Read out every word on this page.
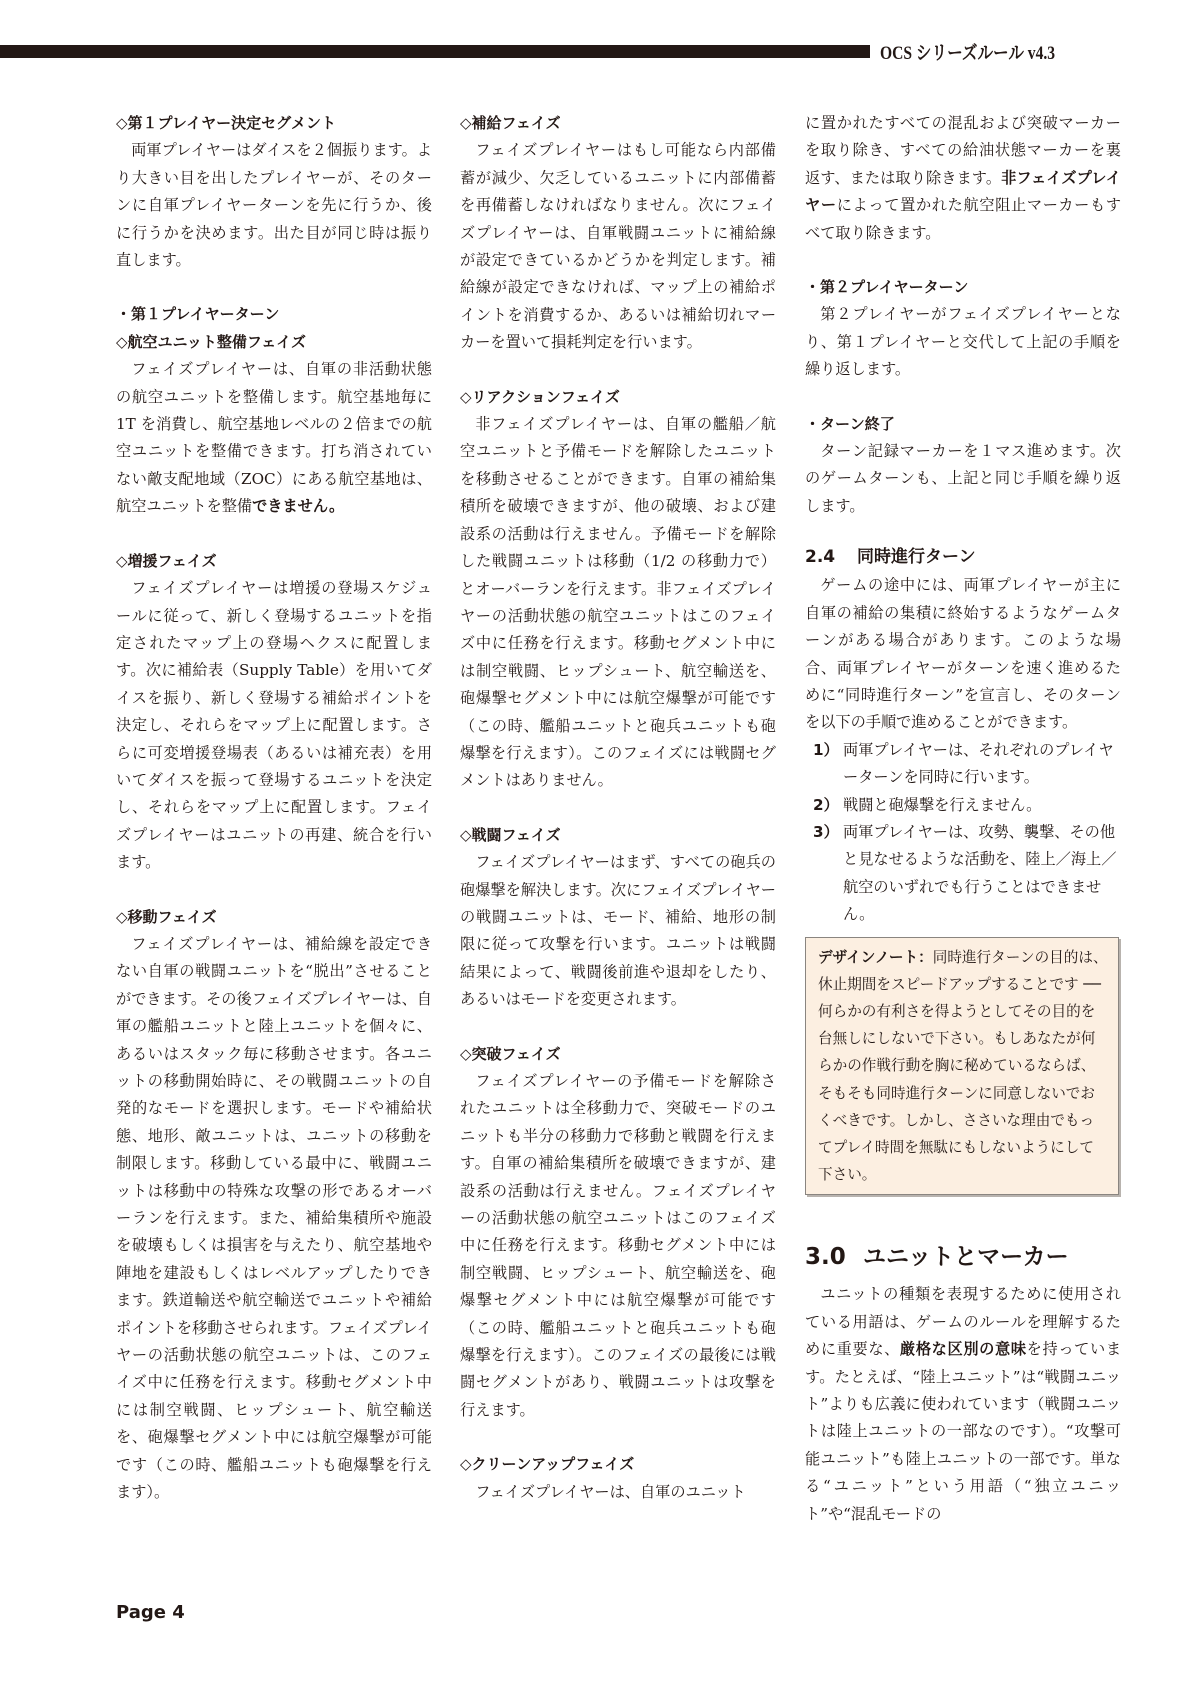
OCS シリーズルール v4.3

◇第１プレイヤー決定セグメント

両軍プレイヤーはダイスを２個振ります。より大きい目を出したプレイヤーが、そのターンに自軍プレイヤーターンを先に行うか、後に行うかを決めます。出た目が同じ時は振り直します。

・第１プレイヤーターン

◇航空ユニット整備フェイズ

フェイズプレイヤーは、自軍の非活動状態の航空ユニットを整備します。航空基地毎に 1T を消費し、航空基地レベルの２倍までの航空ユニットを整備できます。打ち消されていない敵支配地域（ZOC）にある航空基地は、航空ユニットを整備できません。

◇増援フェイズ

フェイズプレイヤーは増援の登場スケジュールに従って、新しく登場するユニットを指定されたマップ上の登場ヘクスに配置します。次に補給表（Supply Table）を用いてダイスを振り、新しく登場する補給ポイントを決定し、それらをマップ上に配置します。さらに可変増援登場表（あるいは補充表）を用いてダイスを振って登場するユニットを決定し、それらをマップ上に配置します。フェイズプレイヤーはユニットの再建、統合を行います。

◇移動フェイズ

フェイズプレイヤーは、補給線を設定できない自軍の戦闘ユニットを“脱出”させることができます。その後フェイズプレイヤーは、自軍の艦船ユニットと陸上ユニットを個々に、あるいはスタック毎に移動させます。各ユニットの移動開始時に、その戦闘ユニットの自発的なモードを選択します。モードや補給状態、地形、敵ユニットは、ユニットの移動を制限します。移動している最中に、戦闘ユニットは移動中の特殊な攻撃の形であるオーバーランを行えます。また、補給集積所や施設を破壊もしくは損害を与えたり、航空基地や陣地を建設もしくはレベルアップしたりできます。鉄道輸送や航空輸送でユニットや補給ポイントを移動させられます。フェイズプレイヤーの活動状態の航空ユニットは、このフェイズ中に任務を行えます。移動セグメント中には制空戦闘、ヒップシュート、航空輸送を、砲爆撃セグメント中には航空爆撃が可能です（この時、艦船ユニットも砲爆撃を行えます）。

◇補給フェイズ

フェイズプレイヤーはもし可能なら内部備蓄が減少、欠乏しているユニットに内部備蓄を再備蓄しなければなりません。次にフェイズプレイヤーは、自軍戦闘ユニットに補給線が設定できているかどうかを判定します。補給線が設定できなければ、マップ上の補給ポイントを消費するか、あるいは補給切れマーカーを置いて損耗判定を行います。

◇リアクションフェイズ

非フェイズプレイヤーは、自軍の艦船／航空ユニットと予備モードを解除したユニットを移動させることができます。自軍の補給集積所を破壊できますが、他の破壊、および建設系の活動は行えません。予備モードを解除した戦闘ユニットは移動（1/2 の移動力で）とオーバーランを行えます。非フェイズプレイヤーの活動状態の航空ユニットはこのフェイズ中に任務を行えます。移動セグメント中には制空戦闘、ヒップシュート、航空輸送を、砲爆撃セグメント中には航空爆撃が可能です（この時、艦船ユニットと砲兵ユニットも砲爆撃を行えます）。このフェイズには戦闘セグメントはありません。

◇戦闘フェイズ

フェイズプレイヤーはまず、すべての砲兵の砲爆撃を解決します。次にフェイズプレイヤーの戦闘ユニットは、モード、補給、地形の制限に従って攻撃を行います。ユニットは戦闘結果によって、戦闘後前進や退却をしたり、あるいはモードを変更されます。

◇突破フェイズ

フェイズプレイヤーの予備モードを解除されたユニットは全移動力で、突破モードのユニットも半分の移動力で移動と戦闘を行えます。自軍の補給集積所を破壊できますが、建設系の活動は行えません。フェイズプレイヤーの活動状態の航空ユニットはこのフェイズ中に任務を行えます。移動セグメント中には制空戦闘、ヒップシュート、航空輸送を、砲爆撃セグメント中には航空爆撃が可能です（この時、艦船ユニットと砲兵ユニットも砲爆撃を行えます）。このフェイズの最後には戦闘セグメントがあり、戦闘ユニットは攻撃を行えます。

◇クリーンアップフェイズ

フェイズプレイヤーは、自軍のユニット

に置かれたすべての混乱および突破マーカーを取り除き、すべての給油状態マーカーを裏返す、または取り除きます。非フェイズプレイヤーによって置かれた航空阻止マーカーもすべて取り除きます。

・第２プレイヤーターン

第２プレイヤーがフェイズプレイヤーとなり、第１プレイヤーと交代して上記の手順を繰り返します。

・ターン終了

ターン記録マーカーを１マス進めます。次のゲームターンも、上記と同じ手順を繰り返します。

2.4 同時進行ターン

ゲームの途中には、両軍プレイヤーが主に自軍の補給の集積に終始するようなゲームターンがある場合があります。このような場合、両軍プレイヤーがターンを速く進めるために“同時進行ターン”を宣言し、そのターンを以下の手順で進めることができます。

1） 両軍プレイヤーは、それぞれのプレイヤーターンを同時に行います。
2） 戦闘と砲爆撃を行えません。
3） 両軍プレイヤーは、攻勢、襲撃、その他と見なせるような活動を、陸上／海上／航空のいずれでも行うことはできません。
デザインノート：同時進行ターンの目的は、休止期間をスピードアップすることです ── 何らかの有利さを得ようとしてその目的を台無しにしないで下さい。もしあなたが何らかの作戦行動を胸に秘めているならば、そもそも同時進行ターンに同意しないでおくべきです。しかし、ささいな理由でもってプレイ時間を無駄にもしないようにして下さい。

3.0 ユニットとマーカー

ユニットの種類を表現するために使用されている用語は、ゲームのルールを理解するために重要な、厳格な区別の意味を持っています。たとえば、“陸上ユニット”は“戦闘ユニット”よりも広義に使われています（戦闘ユニットは陸上ユニットの一部なのです）。“攻撃可能ユニット”も陸上ユニットの一部です。単なる“ユニット”という用語（“独立ユニット”や“混乱モードの

Page 4
